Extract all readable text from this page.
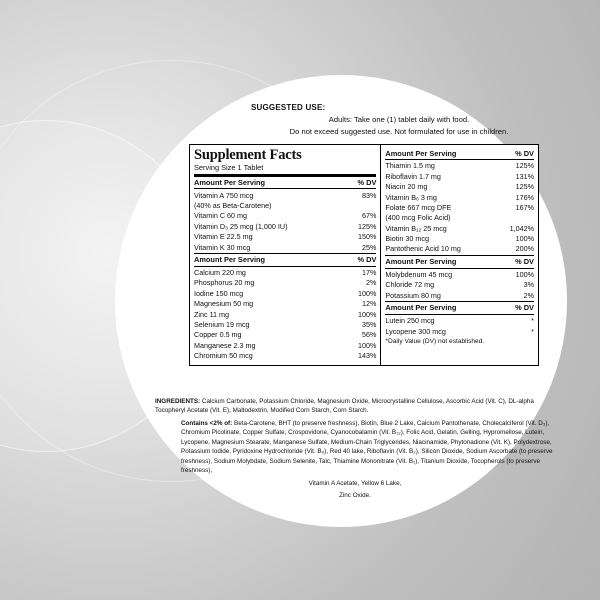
SUGGESTED USE:
Adults: Take one (1) tablet daily with food.
Do not exceed suggested use. Not formulated for use in children.
Supplement Facts
Serving Size 1 Tablet
Amount Per Serving	% DV

Vitamin A 750 mcg	83%
(40% as Beta-Carotene)	
Vitamin C 60 mg	67%
Vitamin D₃ 25 mcg (1,000 IU)	125%
Vitamin E 22.5 mg	150%
Vitamin K 30 mcg	25%

Amount Per Serving	% DV

Calcium 220 mg	17%
Phosphorus 20 mg	2%
Iodine 150 mcg	100%
Magnesium 50 mg	12%
Zinc 11 mg	100%
Selenium 19 mcg	35%
Copper 0.5 mg	56%
Manganese 2.3 mg	100%
Chromium 50 mcg	143%
Amount Per Serving	% DV

Thiamin 1.5 mg	125%
Riboflavin 1.7 mg	131%
Niacin 20 mg	125%
Vitamin B₆ 3 mg	176%
Folate 667 mcg DFE	167%
(400 mcg Folic Acid)	
Vitamin B₁₂ 25 mcg	1,042%
Biotin 30 mcg	100%
Pantothenic Acid 10 mg	200%

Amount Per Serving	% DV

Molybdenum 45 mcg	100%
Chloride 72 mg	3%
Potassium 80 mg	2%

Amount Per Serving	% DV

Lutein 250 mcg	*
Lycopene 300 mcg	*
*Daily Value (DV) not established.

INGREDIENTS: Calcium Carbonate, Potassium Chloride, Magnesium Oxide, Microcrystalline Cellulose, Ascorbic Acid (Vit. C), DL-alpha Tocopheryl Acetate (Vit. E), Maltodextrin, Modified Corn Starch, Corn Starch.

Contains <2% of: Beta-Carotene, BHT (to preserve freshness), Biotin, Blue 2 Lake, Calcium Pantothenate, Cholecalciferol (Vit. D₃), Chromium Picolinate, Copper Sulfate, Crospovidone, Cyanocobalamin (Vit. B₁₂), Folic Acid, Gelatin, Gelling, Hypromellose, Lutein, Lycopene, Magnesium Stearate, Manganese Sulfate, Medium-Chain Triglycerides, Niacinamide, Phytonadione (Vit. K), Polydextrose, Potassium Iodide, Pyridoxine Hydrochloride (Vit. B₆), Red 40 lake, Riboflavin (Vit. B₂), Silicon Dioxide, Sodium Ascorbate (to preserve freshness), Sodium Molybdate, Sodium Selenite, Talc, Thiamine Mononitrate (Vit. B₁), Titanium Dioxide, Tocopherols (to preserve freshness),

Vitamin A Acetate, Yellow 6 Lake,

Zinc Oxide.
